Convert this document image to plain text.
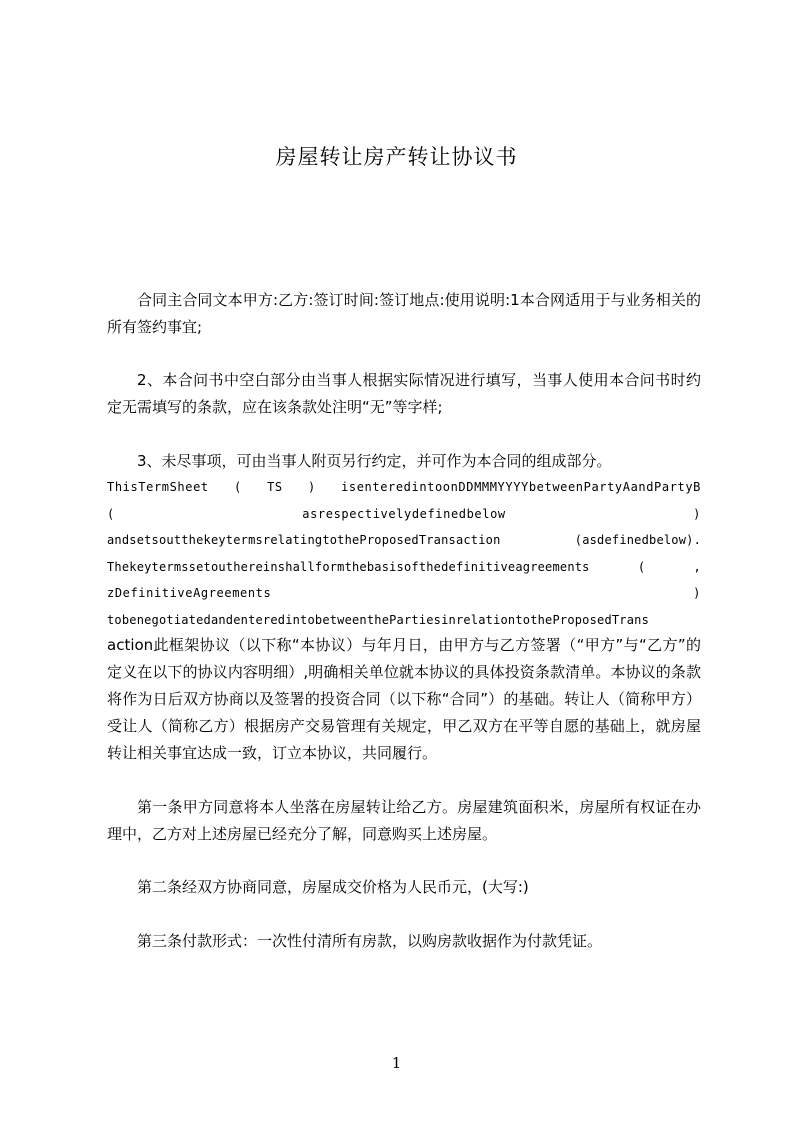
房屋转让房产转让协议书

合同主合同文本甲方:乙方:签订时间:签订地点:使用说明:1本合网适用于与业务相关的所有签约事宜;

2、本合问书中空白部分由当事人根据实际情况进行填写，当事人使用本合问书时约定无需填写的条款，应在该条款处注明“无”等字样;

3、未尽事项，可由当事人附页另行约定，并可作为本合同的组成部分。

ThisTermSheet ( TS ) isenteredintoonDDMMMYYYYbetweenPartyAandPartyB
( asrespectivelydefinedbelow )
andsetsoutthekeytermsrelatingtotheProposedTransaction (asdefinedbelow).
Thekeytermssetouthereinshallformthebasisofthedefinitiveagreements ( ,
zDefinitiveAgreements )
tobenegotiatedandenteredintobetweenthePartiesinrelationtotheProposedTrans

action此框架协议（以下称“本协议）与年月日，由甲方与乙方签署（“甲方”与“乙方”的定义在以下的协议内容明细）,明确相关单位就本协议的具体投资条款清单。本协议的条款将作为日后双方协商以及签署的投资合同（以下称“合同”）的基础。转让人（简称甲方）受让人（简称乙方）根据房产交易管理有关规定，甲乙双方在平等自愿的基础上，就房屋转让相关事宜达成一致，订立本协议，共同履行。

第一条甲方同意将本人坐落在房屋转让给乙方。房屋建筑面积米，房屋所有权证在办理中，乙方对上述房屋已经充分了解，同意购买上述房屋。

第二条经双方协商同意，房屋成交价格为人民币元，(大写:)

第三条付款形式：一次性付清所有房款，以购房款收据作为付款凭证。

1
